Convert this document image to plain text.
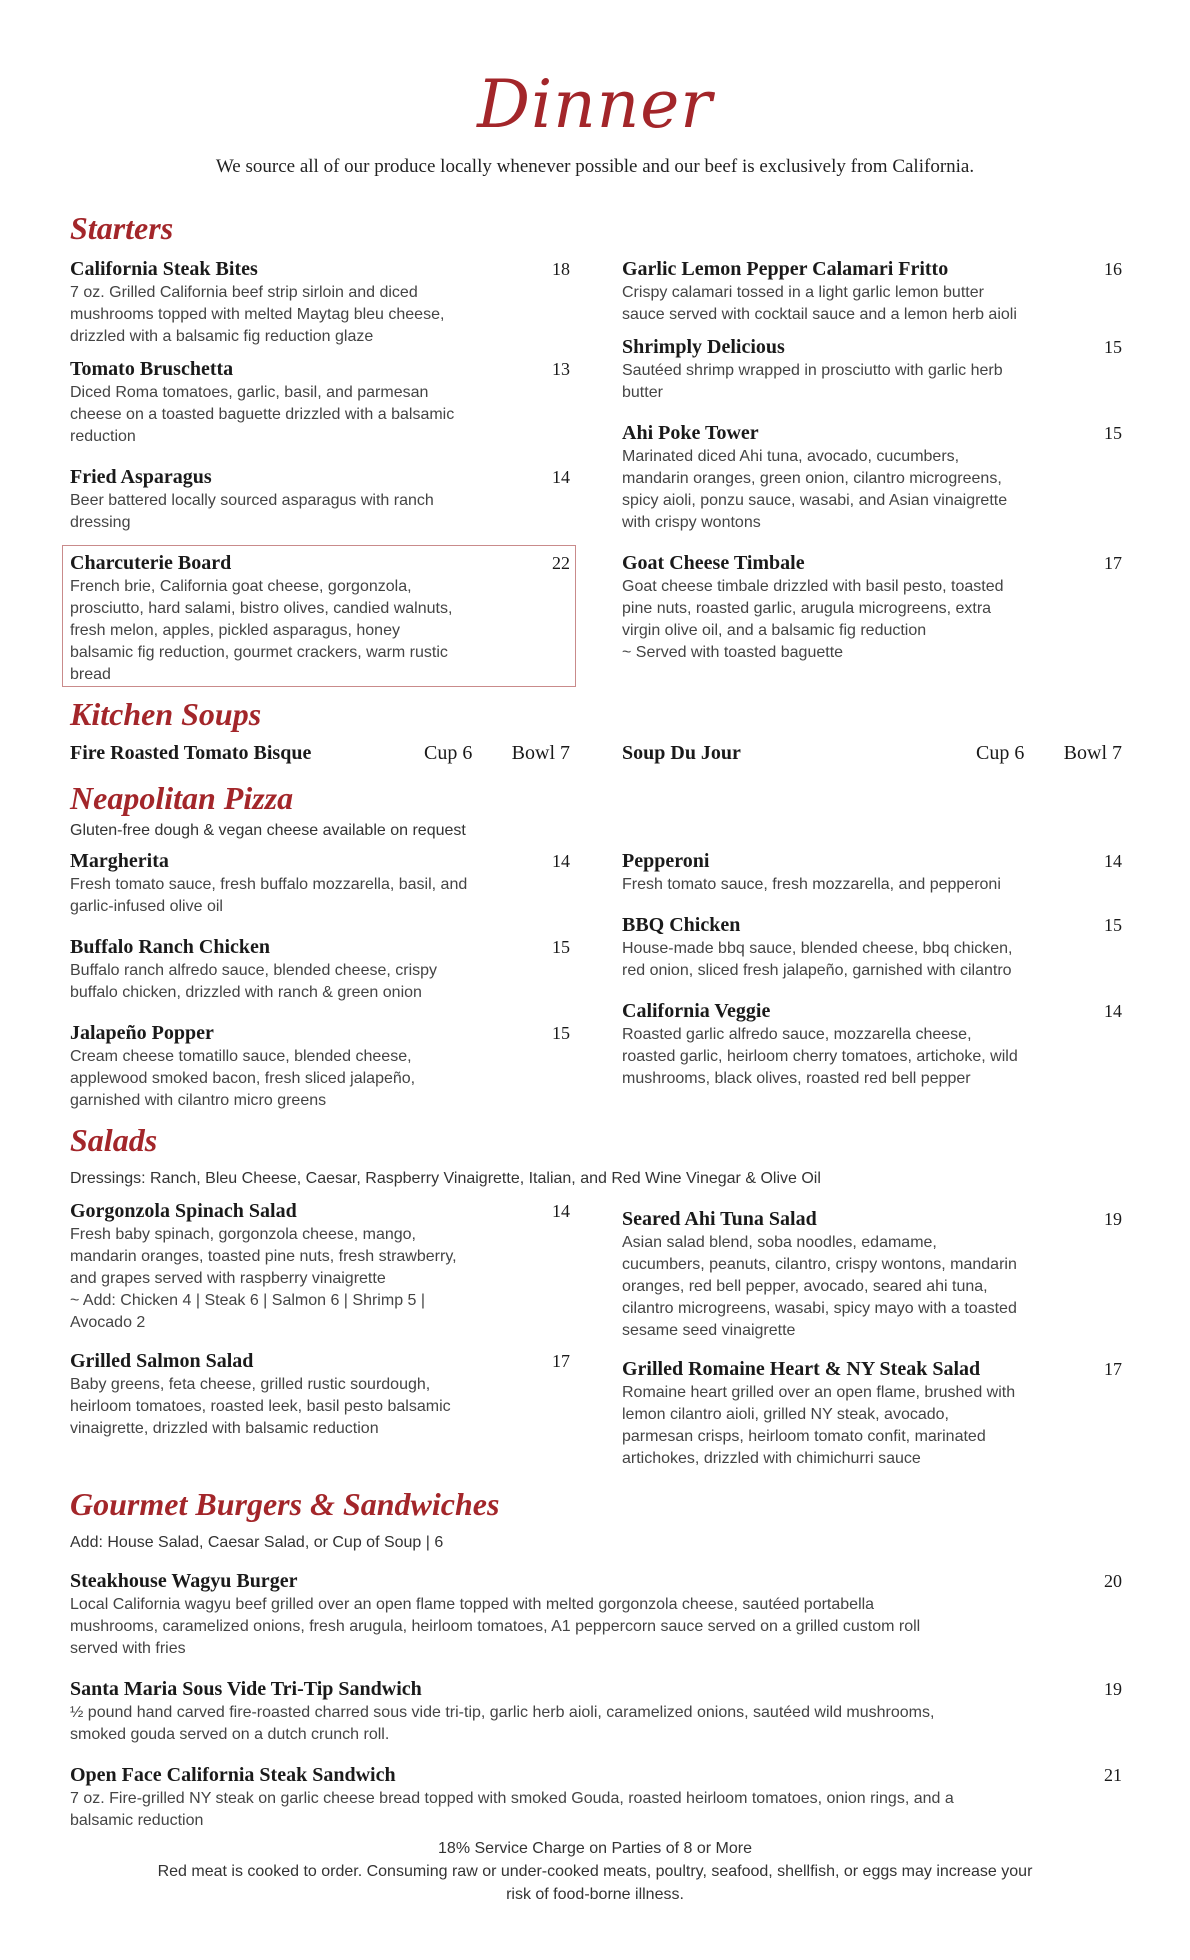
Dinner
We source all of our produce locally whenever possible and our beef is exclusively from California.
Starters
California Steak Bites	18
7 oz. Grilled California beef strip sirloin and diced
mushrooms topped with melted Maytag bleu cheese,
drizzled with a balsamic fig reduction glaze
Tomato Bruschetta	13
Diced Roma tomatoes, garlic, basil, and parmesan
cheese on a toasted baguette drizzled with a balsamic
reduction
Fried Asparagus	14
Beer battered locally sourced asparagus with ranch
dressing
Charcuterie Board	22
French brie, California goat cheese, gorgonzola,
prosciutto, hard salami, bistro olives, candied walnuts,
fresh melon, apples, pickled asparagus, honey
balsamic fig reduction, gourmet crackers, warm rustic
bread
Garlic Lemon Pepper Calamari Fritto	16
Crispy calamari tossed in a light garlic lemon butter
sauce served with cocktail sauce and a lemon herb aioli
Shrimply Delicious	15
Sautéed shrimp wrapped in prosciutto with garlic herb
butter
Ahi Poke Tower	15
Marinated diced Ahi tuna, avocado, cucumbers,
mandarin oranges, green onion, cilantro microgreens,
spicy aioli, ponzu sauce, wasabi, and Asian vinaigrette
with crispy wontons
Goat Cheese Timbale	17
Goat cheese timbale drizzled with basil pesto, toasted
pine nuts, roasted garlic, arugula microgreens, extra
virgin olive oil, and a balsamic fig reduction
~ Served with toasted baguette
Kitchen Soups
Fire Roasted Tomato Bisque	Cup 6	Bowl 7	Soup Du Jour	Cup 6	Bowl 7
Neapolitan Pizza
Gluten-free dough & vegan cheese available on request
Margherita	14
Fresh tomato sauce, fresh buffalo mozzarella, basil, and
garlic-infused olive oil
Buffalo Ranch Chicken	15
Buffalo ranch alfredo sauce, blended cheese, crispy
buffalo chicken, drizzled with ranch & green onion
Jalapeño Popper	15
Cream cheese tomatillo sauce, blended cheese,
applewood smoked bacon, fresh sliced jalapeño,
garnished with cilantro micro greens
Pepperoni	14
Fresh tomato sauce, fresh mozzarella, and pepperoni
BBQ Chicken	15
House-made bbq sauce, blended cheese, bbq chicken,
red onion, sliced fresh jalapeño, garnished with cilantro
California Veggie	14
Roasted garlic alfredo sauce, mozzarella cheese,
roasted garlic, heirloom cherry tomatoes, artichoke, wild
mushrooms, black olives, roasted red bell pepper
Salads
Dressings: Ranch, Bleu Cheese, Caesar, Raspberry Vinaigrette, Italian, and Red Wine Vinegar & Olive Oil
Gorgonzola Spinach Salad	14
Fresh baby spinach, gorgonzola cheese, mango,
mandarin oranges, toasted pine nuts, fresh strawberry,
and grapes served with raspberry vinaigrette
~ Add: Chicken 4 | Steak 6 | Salmon 6 | Shrimp 5 |
Avocado 2
Grilled Salmon Salad	17
Baby greens, feta cheese, grilled rustic sourdough,
heirloom tomatoes, roasted leek, basil pesto balsamic
vinaigrette, drizzled with balsamic reduction
Seared Ahi Tuna Salad	19
Asian salad blend, soba noodles, edamame,
cucumbers, peanuts, cilantro, crispy wontons, mandarin
oranges, red bell pepper, avocado, seared ahi tuna,
cilantro microgreens, wasabi, spicy mayo with a toasted
sesame seed vinaigrette
Grilled Romaine Heart & NY Steak Salad	17
Romaine heart grilled over an open flame, brushed with
lemon cilantro aioli, grilled NY steak, avocado,
parmesan crisps, heirloom tomato confit, marinated
artichokes, drizzled with chimichurri sauce
Gourmet Burgers & Sandwiches
Add: House Salad, Caesar Salad, or Cup of Soup | 6
Steakhouse Wagyu Burger	20
Local California wagyu beef grilled over an open flame topped with melted gorgonzola cheese, sautéed portabella
mushrooms, caramelized onions, fresh arugula, heirloom tomatoes, A1 peppercorn sauce served on a grilled custom roll
served with fries
Santa Maria Sous Vide Tri-Tip Sandwich	19
½ pound hand carved fire-roasted charred sous vide tri-tip, garlic herb aioli, caramelized onions, sautéed wild mushrooms,
smoked gouda served on a dutch crunch roll.
Open Face California Steak Sandwich	21
7 oz. Fire-grilled NY steak on garlic cheese bread topped with smoked Gouda, roasted heirloom tomatoes, onion rings, and a
balsamic reduction
18% Service Charge on Parties of 8 or More
Red meat is cooked to order. Consuming raw or under-cooked meats, poultry, seafood, shellfish, or eggs may increase your
risk of food-borne illness.
